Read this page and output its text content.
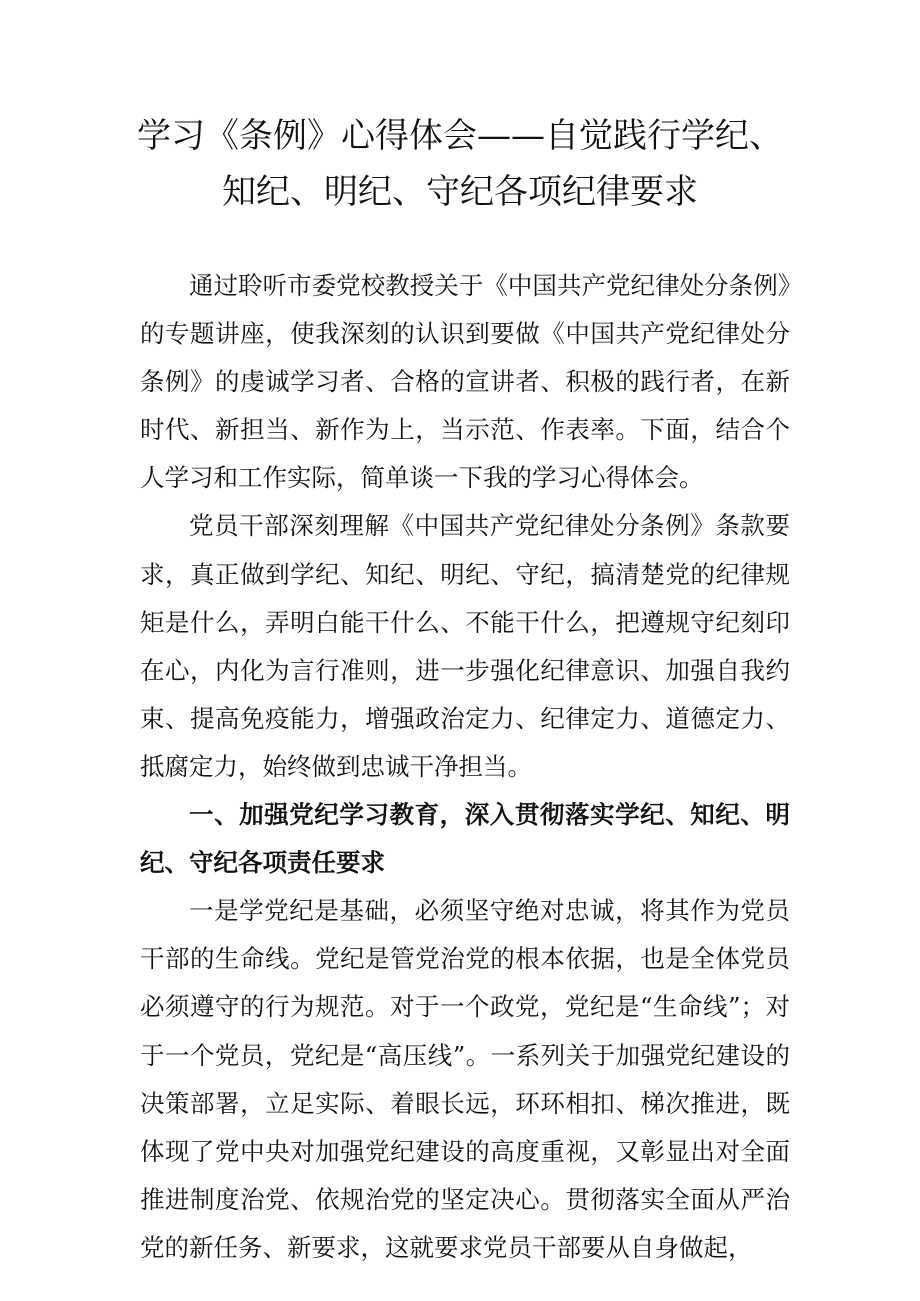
学习《条例》心得体会——自觉践行学纪、
知纪、明纪、守纪各项纪律要求

通过聆听市委党校教授关于《中国共产党纪律处分条例》的专题讲座，使我深刻的认识到要做《中国共产党纪律处分条例》的虔诚学习者、合格的宣讲者、积极的践行者，在新时代、新担当、新作为上，当示范、作表率。下面，结合个人学习和工作实际，简单谈一下我的学习心得体会。

党员干部深刻理解《中国共产党纪律处分条例》条款要求，真正做到学纪、知纪、明纪、守纪，搞清楚党的纪律规矩是什么，弄明白能干什么、不能干什么，把遵规守纪刻印在心，内化为言行准则，进一步强化纪律意识、加强自我约束、提高免疫能力，增强政治定力、纪律定力、道德定力、抵腐定力，始终做到忠诚干净担当。

一、加强党纪学习教育，深入贯彻落实学纪、知纪、明纪、守纪各项责任要求

一是学党纪是基础，必须坚守绝对忠诚，将其作为党员干部的生命线。党纪是管党治党的根本依据，也是全体党员必须遵守的行为规范。对于一个政党，党纪是“生命线”；对于一个党员，党纪是“高压线”。一系列关于加强党纪建设的决策部署，立足实际、着眼长远，环环相扣、梯次推进，既体现了党中央对加强党纪建设的高度重视，又彰显出对全面推进制度治党、依规治党的坚定决心。贯彻落实全面从严治党的新任务、新要求，这就要求党员干部要从自身做起，
